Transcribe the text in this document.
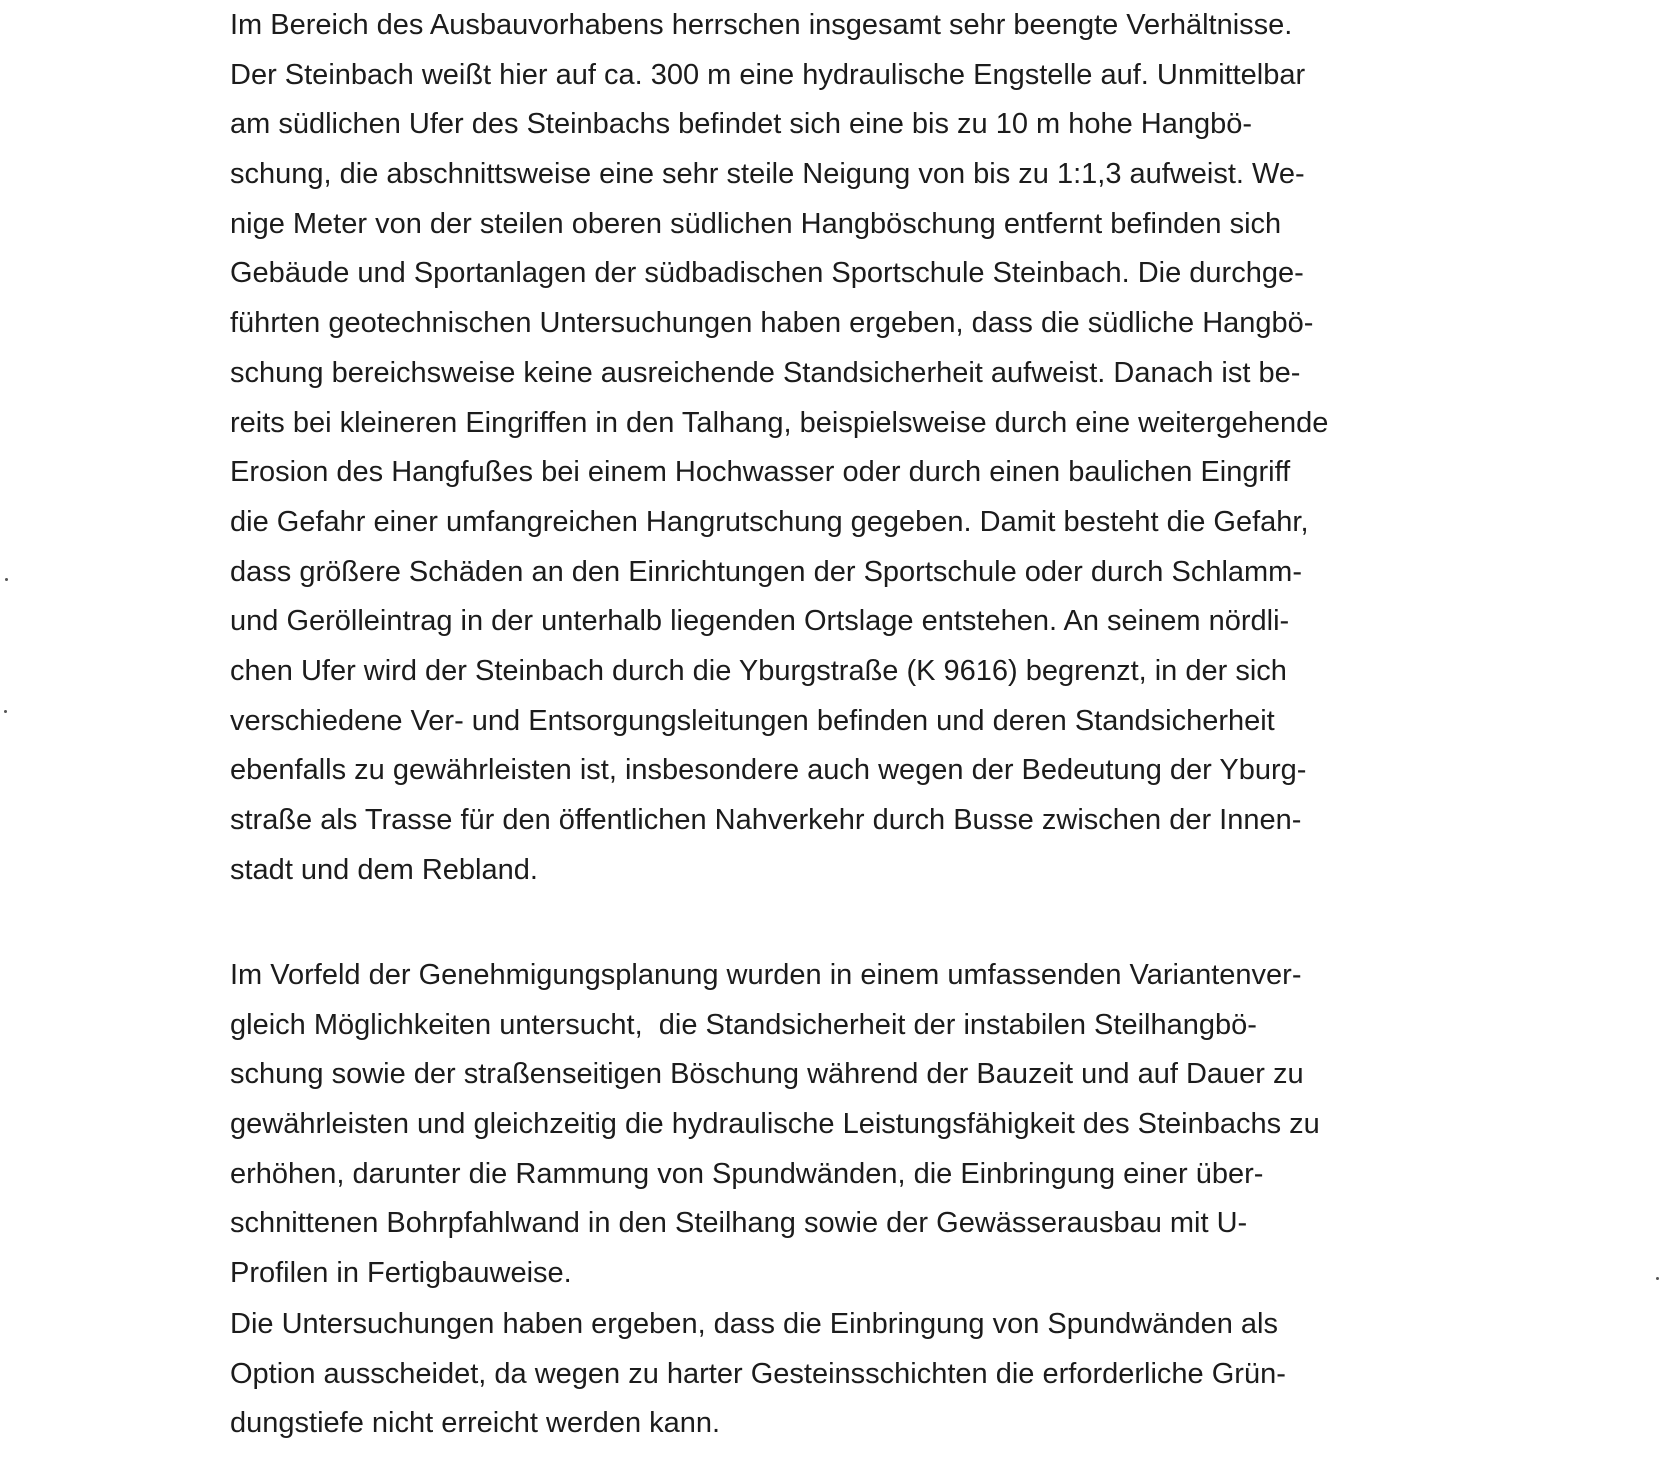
Im Bereich des Ausbauvorhabens herrschen insgesamt sehr beengte Verhältnisse.
Der Steinbach weißt hier auf ca. 300 m eine hydraulische Engstelle auf. Unmittelbar
am südlichen Ufer des Steinbachs befindet sich eine bis zu 10 m hohe Hangbö-
schung, die abschnittsweise eine sehr steile Neigung von bis zu 1:1,3 aufweist. We-
nige Meter von der steilen oberen südlichen Hangböschung entfernt befinden sich
Gebäude und Sportanlagen der südbadischen Sportschule Steinbach. Die durchge-
führten geotechnischen Untersuchungen haben ergeben, dass die südliche Hangbö-
schung bereichsweise keine ausreichende Standsicherheit aufweist. Danach ist be-
reits bei kleineren Eingriffen in den Talhang, beispielsweise durch eine weitergehende
Erosion des Hangfußes bei einem Hochwasser oder durch einen baulichen Eingriff
die Gefahr einer umfangreichen Hangrutschung gegeben. Damit besteht die Gefahr,
dass größere Schäden an den Einrichtungen der Sportschule oder durch Schlamm-
und Gerölleintrag in der unterhalb liegenden Ortslage entstehen. An seinem nördli-
chen Ufer wird der Steinbach durch die Yburgstraße (K 9616) begrenzt, in der sich
verschiedene Ver- und Entsorgungsleitungen befinden und deren Standsicherheit
ebenfalls zu gewährleisten ist, insbesondere auch wegen der Bedeutung der Yburg-
straße als Trasse für den öffentlichen Nahverkehr durch Busse zwischen der Innen-
stadt und dem Rebland.
Im Vorfeld der Genehmigungsplanung wurden in einem umfassenden Variantenver-
gleich Möglichkeiten untersucht,  die Standsicherheit der instabilen Steilhangbö-
schung sowie der straßenseitigen Böschung während der Bauzeit und auf Dauer zu
gewährleisten und gleichzeitig die hydraulische Leistungsfähigkeit des Steinbachs zu
erhöhen, darunter die Rammung von Spundwänden, die Einbringung einer über-
schnittenen Bohrpfahlwand in den Steilhang sowie der Gewässerausbau mit U-
Profilen in Fertigbauweise.
Die Untersuchungen haben ergeben, dass die Einbringung von Spundwänden als
Option ausscheidet, da wegen zu harter Gesteinsschichten die erforderliche Grün-
dungstiefe nicht erreicht werden kann.
